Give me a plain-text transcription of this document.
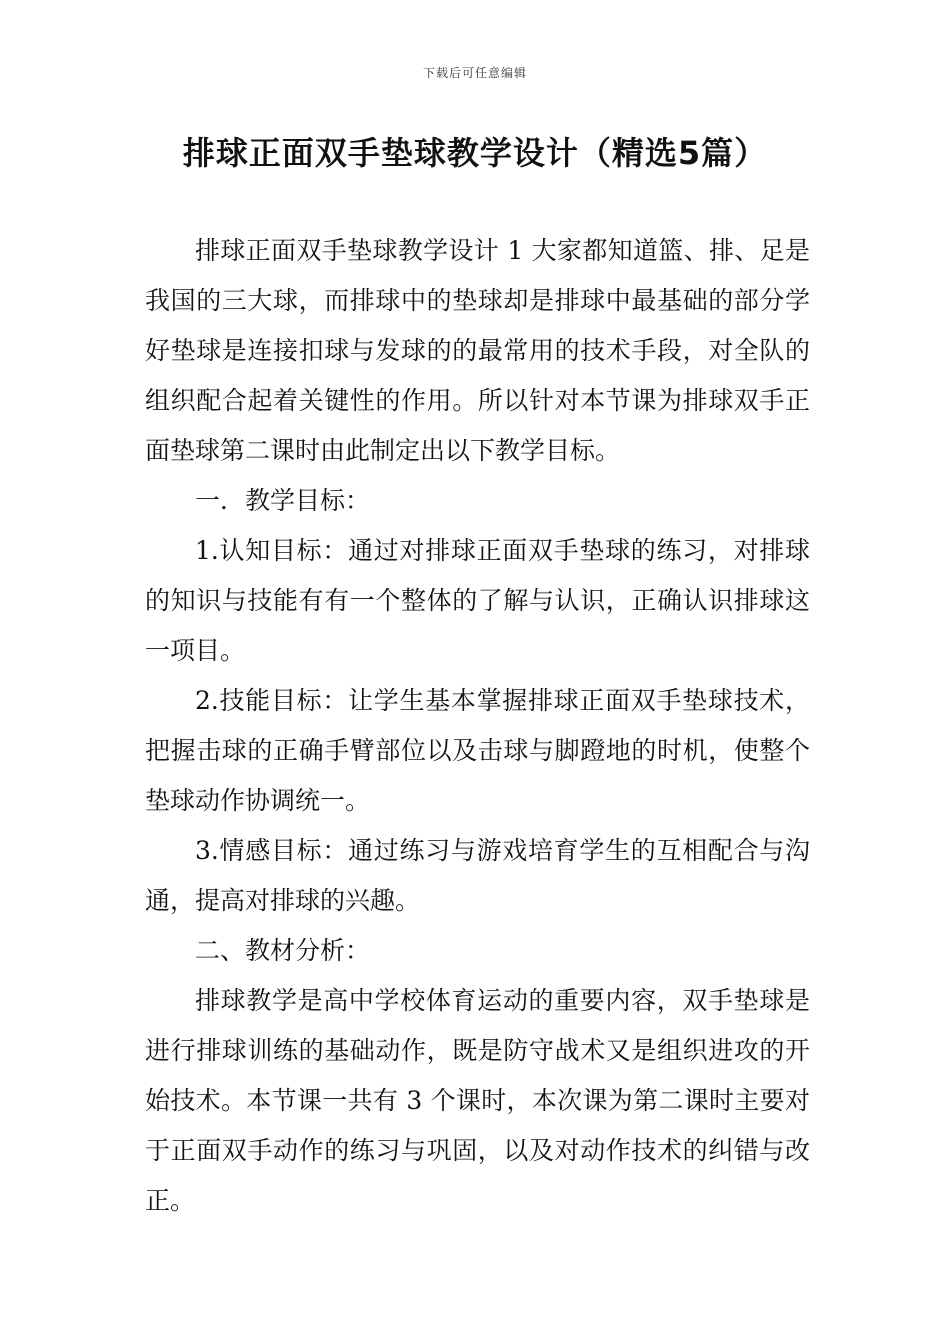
下载后可任意编辑
排球正面双手垫球教学设计（精选5篇）

排球正面双手垫球教学设计 1 大家都知道篮、排、足是我国的三大球，而排球中的垫球却是排球中最基础的部分学好垫球是连接扣球与发球的的最常用的技术手段，对全队的组织配合起着关键性的作用。所以针对本节课为排球双手正面垫球第二课时由此制定出以下教学目标。

一．教学目标：

1.认知目标：通过对排球正面双手垫球的练习，对排球的知识与技能有有一个整体的了解与认识，正确认识排球这一项目。

2.技能目标：让学生基本掌握排球正面双手垫球技术，把握击球的正确手臂部位以及击球与脚蹬地的时机，使整个垫球动作协调统一。

3.情感目标：通过练习与游戏培育学生的互相配合与沟通，提高对排球的兴趣。

二、教材分析：

排球教学是高中学校体育运动的重要内容，双手垫球是进行排球训练的基础动作，既是防守战术又是组织进攻的开始技术。本节课一共有 3 个课时，本次课为第二课时主要对于正面双手动作的练习与巩固，以及对动作技术的纠错与改正。
